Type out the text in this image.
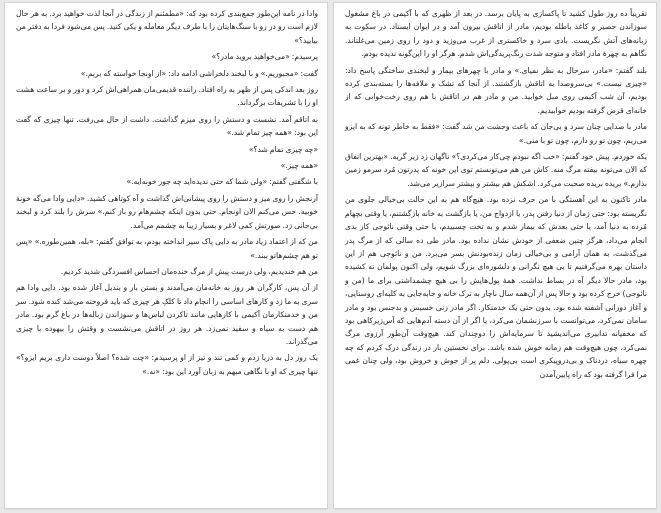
تقریباً ده روز طول کشید تا پاکسازی به پایان برسد. در بعد از ظهری که با آکیمی در باغ مشغول سوزاندن حصیر و کاغذ باطله بودیم، مادر از اتاقش بیرون آمد و در ایوان ایستاد. در سکوت به زبانه‌های آتش نگریست. بادی سرد و خاکستری از غرب می‌وزید و دود را روی زمین می‌غلتاند. نگاهم به چهرهٔ مادر افتاد و متوجه شدت رنگ‌پریدگی‌اش شدم. هرگز او را این‌گونه ندیده بودم.

بلند گفتم: «مادر، سرحال به نظر نمیای.» و مادر با چهرهای بیمار و لبخندی ساختگی پاسخ داد: «چیزی نیست.» بی‌سروصدا به اتاقش بازگشتند. از آنجا که تشک و ملافه‌ها را بسته‌بندی کرده بودیم، آن شب آکیمی روی مبل خوابید. من و مادر هم در اتاقش با هم روی رخت‌خوابی که از خانه‌ای قرض گرفته بودیم خوابیدیم.

مادر با صدایی چنان سرد و بی‌جان که باعث وحشت من شد گفت: «فقط به خاطر تونه که به ایزو می‌ریم، چون تو رو دارم، چون تو با منی.»

یکه خوردم. پیش خود گفتم: «خب اگه نبودم چی‌کار می‌کردی؟» ناگهان زد زیر گریه. «بهترین اتفاق که الان می‌تونه بیفته مرگ منه. کاش من هم می‌تونستم توی این خونه که پدرتون مُرد سرمو زمین بذارم.» بریده بریده صحبت می‌کرد. اشکش هم بیشتر و بیشتر سرازیر می‌شد.

مادر تاکنون به این آهستگی با من حرف نزده بود. هیچ‌گاه هم به این حالت بی‌خیالی جلوی من نگریسته بود: حتی زمان از دنیا رفتن پدر، یا ازدواج من، یا بازگشت به خانه بازگشتنم، یا وقتی بچهام مُرده به دنیا آمد، یا حتی بعدش که بیمار شدم و به تخت چسبیدم، یا حتی وقتی نائوجی کار بدی انجام می‌داد، هرگز چنین ضعفی از خودش نشان نداده بود. مادر طی ده سالی که از مرگ پدر می‌گذشت، به همان آرامی و بی‌خیالی زمان زنده‌بودنش بسر می‌برد. من و نائوجی هم از این داستان بهره می‌گرفتیم تا بی هیچ نگرانی و دلشوره‌ای بزرگ شویم، ولی اکنون پولمان ته کشیده بود، مادر حالا دیگر آه در بساط نداشت. همهٔ پول‌هایش را بی هیچ چشمداشتی برای ما (من و نائوجی) خرج کرده بود و حالا پس از آن‌همه سال ناچار به ترک خانه و جابه‌جایی به کلبه‌ای روستایی، و آغاز دورانی آشفته شده بود. بدون حتی یک خدمتکار. اگر مادر زنی خسیس و بدجنس بود و مادر سامان نمی‌کرد، می‌توانست با سرزنشمان می‌کرد، یا اگر از آن دسته آدم‌هایی که آس‌زیرکاهی بود که مخفیانه تدابیری می‌اندیشید تا سرمایه‌اش را دوچندان کند. هیچ‌وقت آن‌طور آرزوی مرگ نمی‌کرد، چون هیچ‌وقت هم زمانه خوش شده باشد. برای نخستین بار در زندگی درک کردم که چه چهره سیاه، دردناک و بی‌دروپیکری است بی‌پولی. دلم پر از جوش و خروش بود، ولی چنان غمی مرا فرا گرفته بود که راه پایین‌آمدن

وادا در نامه این‌طور جمع‌بندی کرده بود که: «مطمئنم از زندگی در آنجا لذت خواهید برد. به هر حال لازم است رو در رو با سنگ‌هایتان را با طرف دیگر معامله و یکی کنید. پس می‌شود فردا به دفتر من بیایید؟»

پرسیدم: «می‌خواهید بروید مادر؟»

گفت: «مجبوریم.» و با لبخند دلخراشی ادامه داد: «از اونجا خواسته که بریم.»

روز بعد اندکی پس از ظهر به راه افتاد. راننده قدیمی‌مان همراهی‌اش کرد و دور و بر ساعت هشت او را با تشریفات برگرداند.

به اتاقم آمد. نشست و دستش را روی میزم گذاشت. داشت از حال می‌رفت. تنها چیزی که گفت این بود: «همه چیز تمام شد.»

«چه چیزی تمام شد؟»

«همه چیز.»

با شگفتی گفتم: «ولی شما که حتی ندیده‌اید چه جور خونه‌ایه.»

آرنجش را روی میز و دستش را روی پیشانی‌اش گذاشت و آه کوتاهی کشید. «دایی وادا می‌گه خونهٔ خوبیه. حس می‌کنم الان اونجام. حتی بدون اینکه چشم‌هام رو باز کنم.» سرش را بلند کرد و لبخند بی‌جانی زد. صورتش کمی لاغر و بسیار زیبا به چشمم می‌آمد.

من که از اعتماد زیاد مادر به دایی پاک سیر انداخته بودم، به توافق گفتم: «بله، همین‌طوره.» «پس تو هم چشم‌هاتو ببند.»

من هم خندیدیم، ولی درست پیش از مرگ خنده‌مان احساس افسردگی شدید کردیم.

از آن پس، کارگران هر روز به خانه‌مان می‌آمدند و بستن بار و بندیل آغاز شده بود. دایی وادا هم سری به ما زد و کارهای اساسی را انجام داد تا کلکِ هر چیزی که باید فروخته می‌شد کنده شود. سر من و خدمتکارمان آکیمی با کارهایی مانند تاکردن لباس‌ها و سوزاندن زباله‌ها در باغ گرم بود. مادر هم دست به سیاه و سفید نمی‌زد. هر روز در اتاقش می‌نشست و وقتش را بیهوده با چیزی می‌گذراند.

یک روز دل به دریا زدم و کمی تند و تیز از او پرسیدم: «چت شده؟ اصلاً دوست داری بریم ایزو؟» تنها چیزی که او با نگاهی مبهم به زبان آورد این بود: «نه.»
